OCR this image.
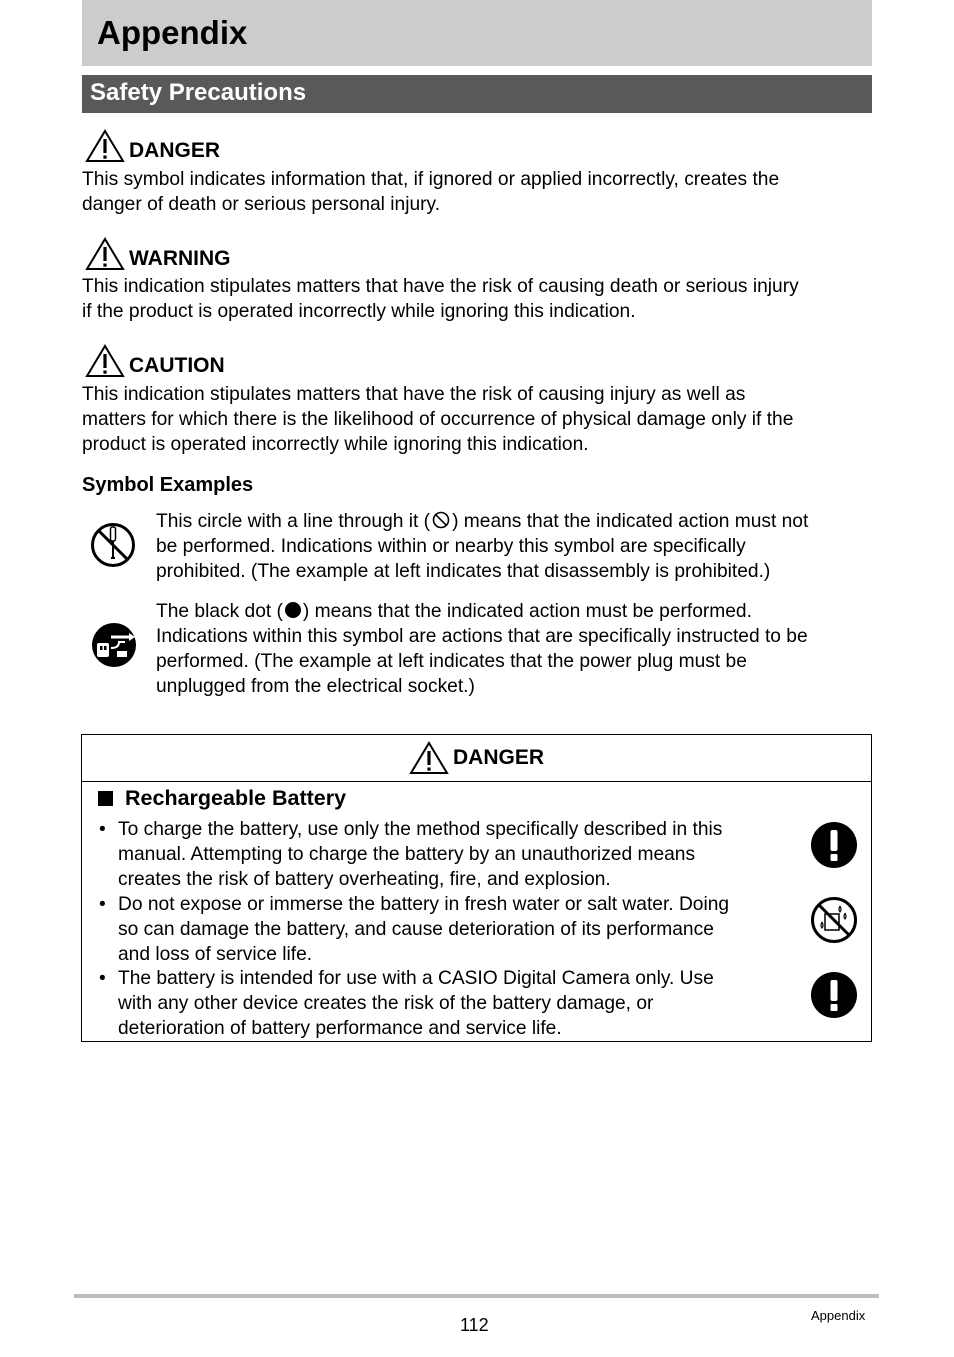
Appendix
Safety Precautions
DANGER
This symbol indicates information that, if ignored or applied incorrectly, creates the
danger of death or serious personal injury.
WARNING
This indication stipulates matters that have the risk of causing death or serious injury
if the product is operated incorrectly while ignoring this indication.
CAUTION
This indication stipulates matters that have the risk of causing injury as well as
matters for which there is the likelihood of occurrence of physical damage only if the
product is operated incorrectly while ignoring this indication.
Symbol Examples
This circle with a line through it ( ) means that the indicated action must not
be performed. Indications within or nearby this symbol are specifically
prohibited. (The example at left indicates that disassembly is prohibited.)
The black dot ( ) means that the indicated action must be performed.
Indications within this symbol are actions that are specifically instructed to be
performed. (The example at left indicates that the power plug must be
unplugged from the electrical socket.)
DANGER
Rechargeable Battery
• To charge the battery, use only the method specifically described in this
manual. Attempting to charge the battery by an unauthorized means
creates the risk of battery overheating, fire, and explosion.
• Do not expose or immerse the battery in fresh water or salt water. Doing
so can damage the battery, and cause deterioration of its performance
and loss of service life.
• The battery is intended for use with a CASIO Digital Camera only. Use
with any other device creates the risk of the battery damage, or
deterioration of battery performance and service life.
112	Appendix
